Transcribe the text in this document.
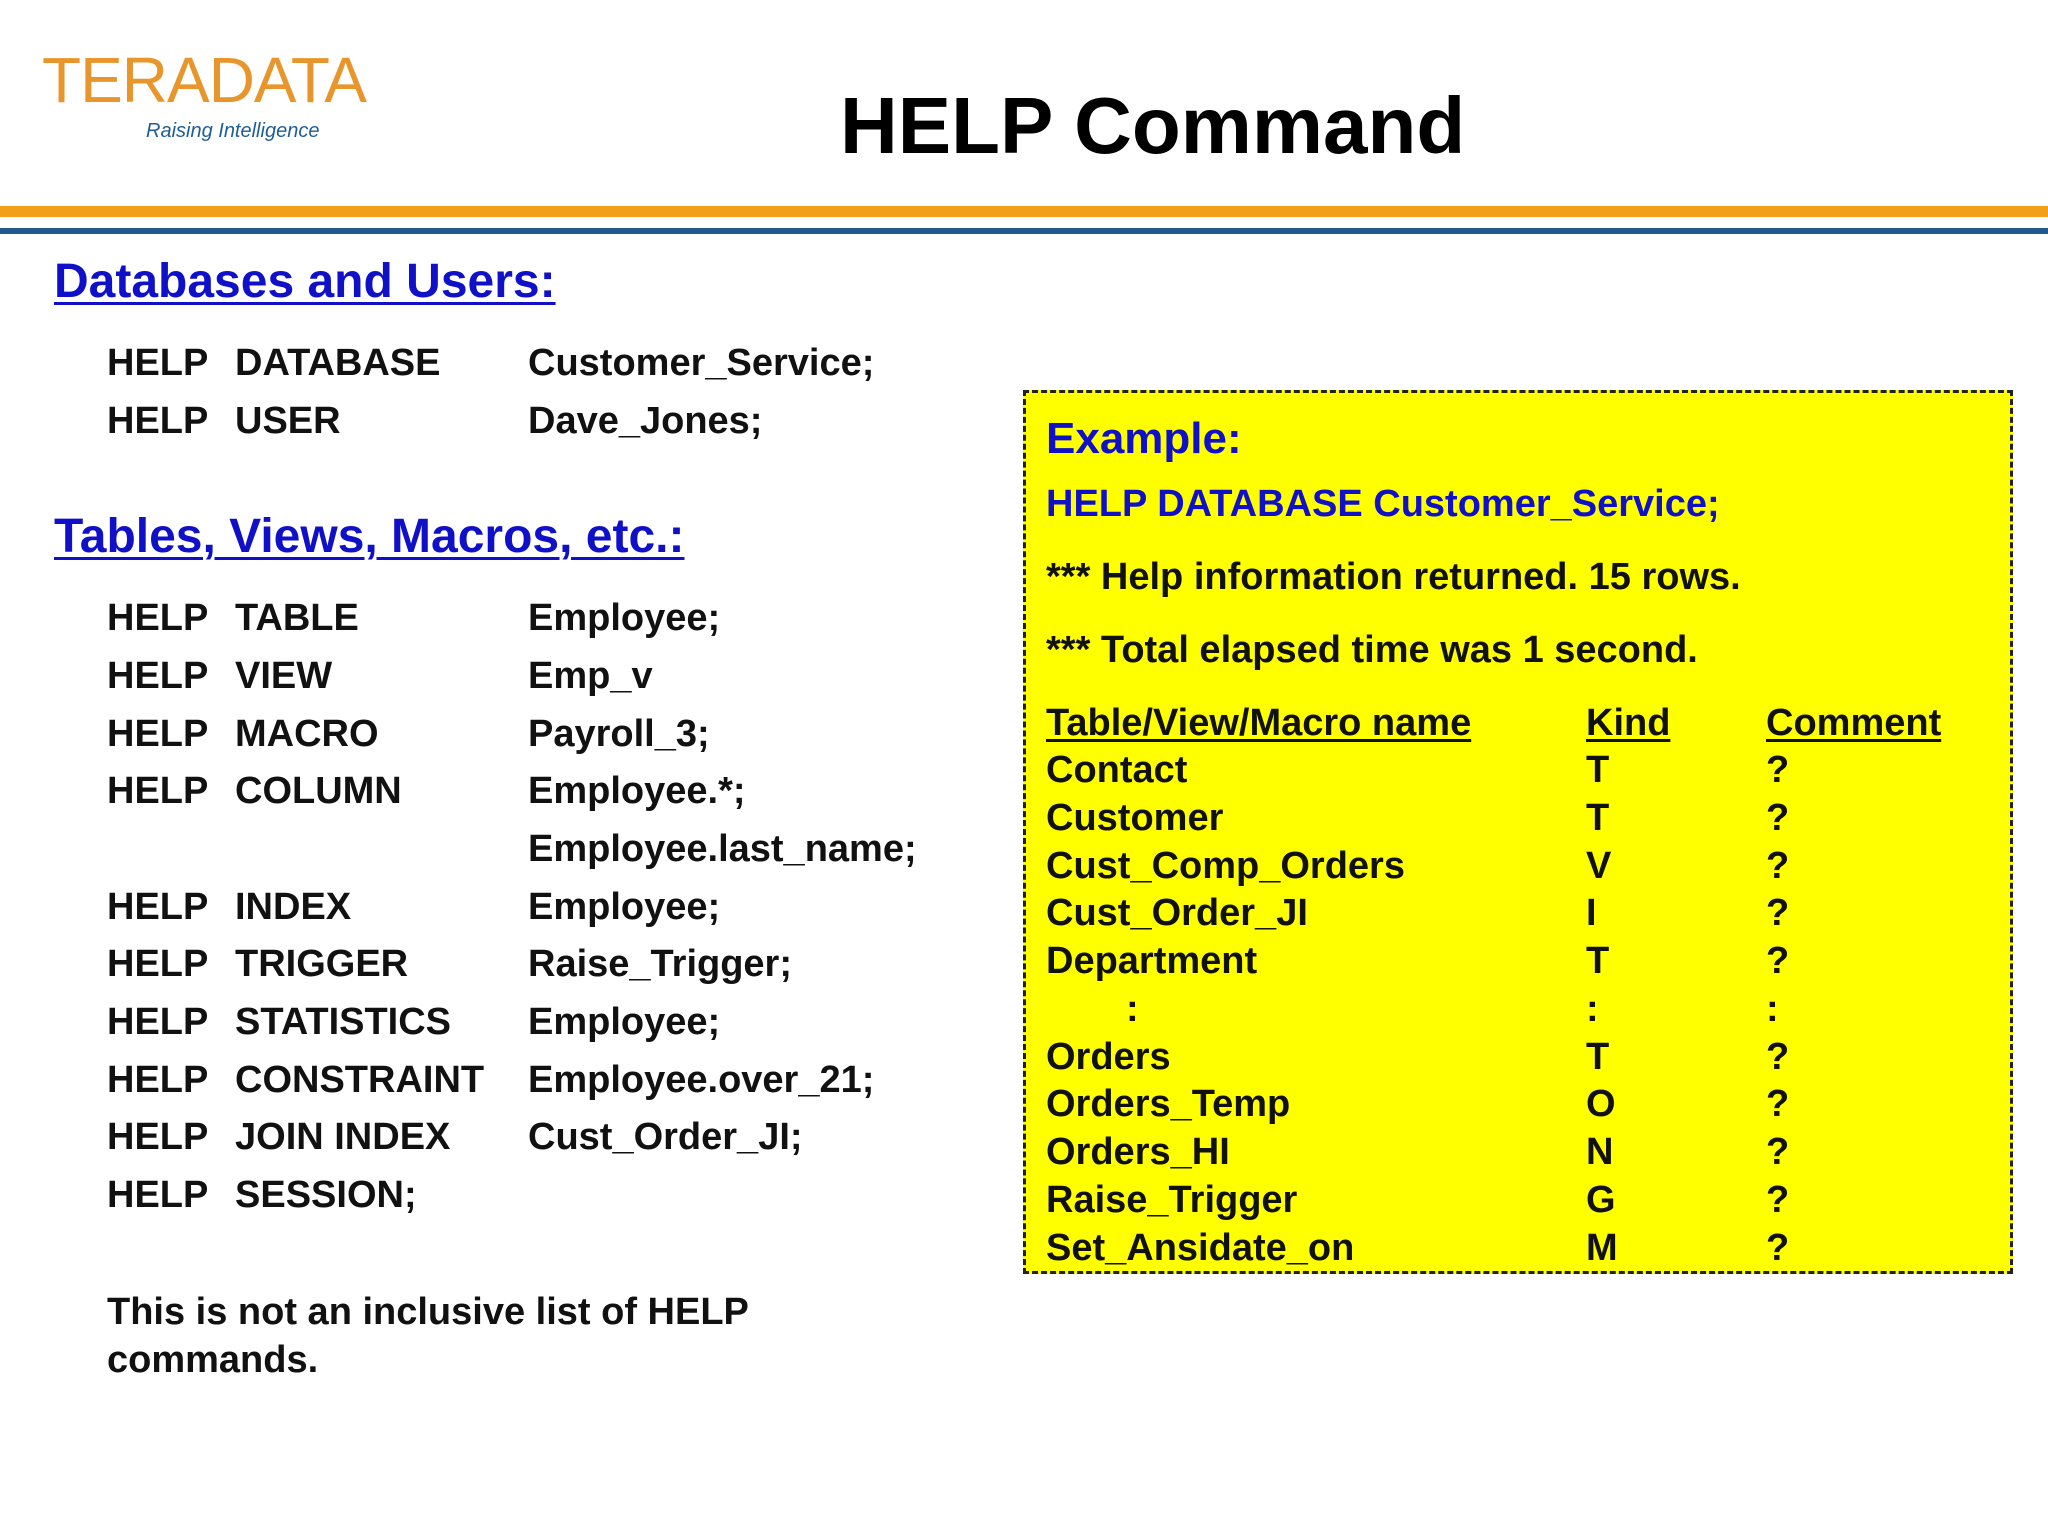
TERADATA
Raising Intelligence	HELP Command
Databases and Users:
HELP DATABASE Customer_Service;
HELP USER	Dave_Jones;
Tables, Views, Macros, etc.:
HELP TABLE	Employee;
HELP VIEW	Emp_v
HELP MACRO	Payroll_3;
HELP COLUMN	Employee.*;
Employee.last_name;
HELP INDEX	Employee;
HELP TRIGGER	Raise_Trigger;
HELP STATISTICS Employee;
HELP CONSTRAINT Employee.over_21;
HELP JOIN INDEX Cust_Order_JI;
HELP SESSION;
This is not an inclusive list of HELP commands.
Example:
HELP DATABASE Customer_Service;
*** Help information returned. 15 rows.
*** Total elapsed time was 1 second.
Table/View/Macro name	Kind	Comment
Contact	T	?
Customer	T	?
Cust_Comp_Orders	V	?
Cust_Order_JI	I	?
Department	T	?
:	:	:
Orders	T	?
Orders_Temp	O	?
Orders_HI	N	?
Raise_Trigger	G	?
Set_Ansidate_on	M	?
